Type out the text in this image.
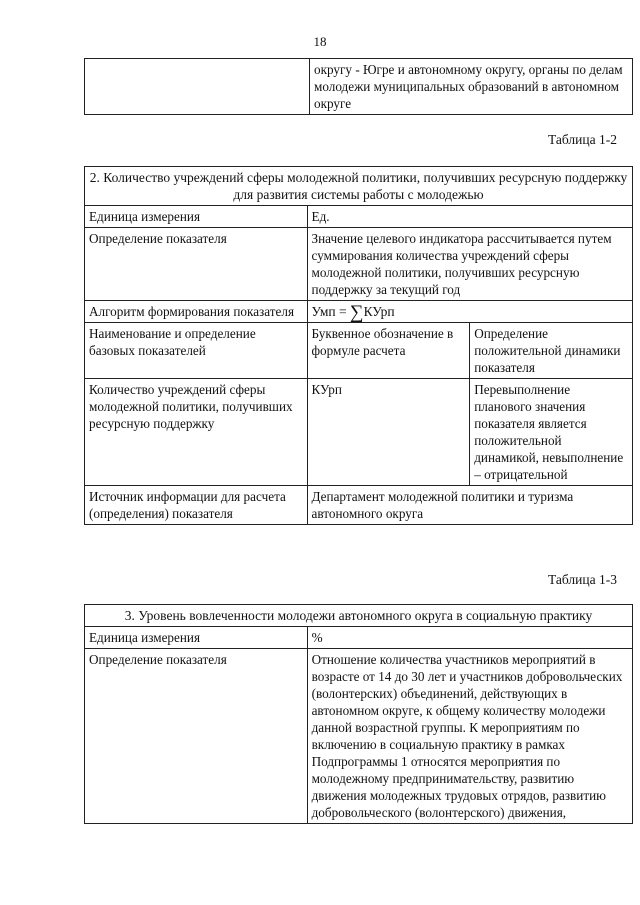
18
	округу - Югре и автономному округу, органы по делам молодежи муниципальных образований в автономном округе
Таблица 1-2
2. Количество учреждений сферы молодежной политики, получивших ресурсную поддержку для развития системы работы с молодежью		
Единица измерения	Ед.	
Определение показателя	Значение целевого индикатора рассчитывается путем суммирования количества учреждений сферы молодежной политики, получивших ресурсную поддержку за текущий год	
Алгоритм формирования показателя	Умп = ∑КУрп	
Наименование и определение базовых показателей	Буквенное обозначение в формуле расчета	Определение положительной динамики показателя
Количество учреждений сферы молодежной политики, получивших ресурсную поддержку	КУрп	Перевыполнение планового значения показателя является положительной динамикой, невыполнение – отрицательной
Источник информации для расчета (определения) показателя	Департамент молодежной политики и туризма автономного округа	
Таблица 1-3
3. Уровень вовлеченности молодежи автономного округа в социальную практику	
Единица измерения	%
Определение показателя	Отношение количества участников мероприятий в возрасте от 14 до 30 лет и участников добровольческих (волонтерских) объединений, действующих в автономном округе, к общему количеству молодежи данной возрастной группы. К мероприятиям по включению в социальную практику в рамках Подпрограммы 1 относятся мероприятия по молодежному предпринимательству, развитию движения молодежных трудовых отрядов, развитию добровольческого (волонтерского) движения,
